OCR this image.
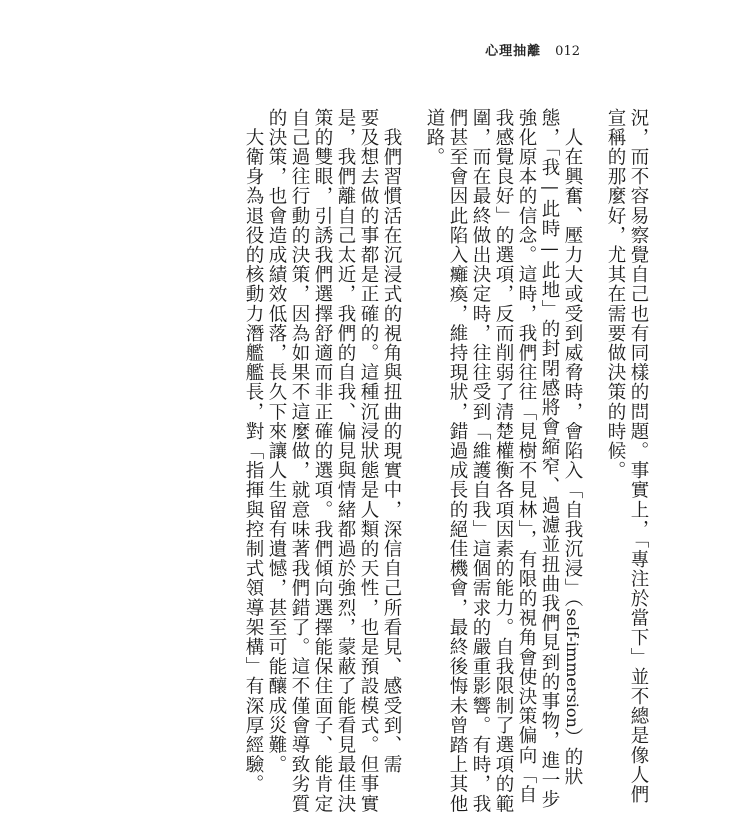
心理抽離 012
況，而不容易察覺自己也有同樣的問題。事實上，「專注於當下」並不總是像人們
宣稱的那麼好，尤其在需要做決策的時候。
　人在興奮、壓力大或受到威脅時，會陷入「自我沉浸」（self-immersion）的狀
態，「我—此時—此地」的封閉感將會縮窄、過濾並扭曲我們見到的事物，進一步
強化原本的信念。這時，我們往往「見樹不見林」，有限的視角會使決策偏向「自
我感覺良好」的選項，反而削弱了清楚權衡各項因素的能力。自我限制了選項的範
圍，而在最終做出決定時，往往受到「維護自我」這個需求的嚴重影響。有時，我
們甚至會因此陷入癱瘓，維持現狀，錯過成長的絕佳機會，最終後悔未曾踏上其他
道路。
　我們習慣活在沉浸式的視角與扭曲的現實中，深信自己所看見、感受到、需
要及想去做的事都是正確的。這種沉浸狀態是人類的天性，也是預設模式。但事實
是，我們離自己太近，我們的自我、偏見與情緒都過於強烈，蒙蔽了能看見最佳決
策的雙眼，引誘我們選擇舒適而非正確的選項。我們傾向選擇能保住面子、能肯定
自己過往行動的決策，因為如果不這麼做，就意味著我們錯了。這不僅會導致劣質
的決策，也會造成績效低落，長久下來讓人生留有遺憾，甚至可能釀成災難。
　大衛身為退役的核動力潛艦艦長，對「指揮與控制式領導架構」有深厚經驗。
